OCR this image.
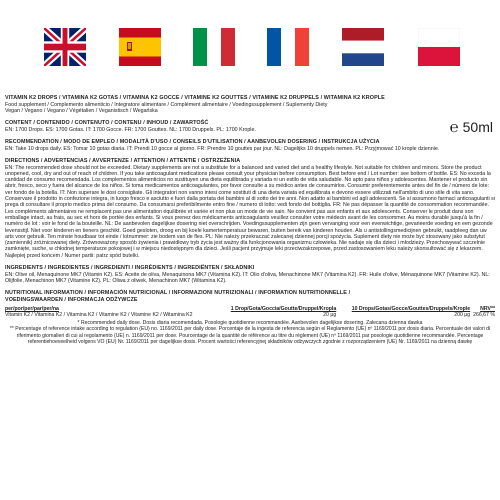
VITAMIN K2 DROPS / VITAMINA K2 GOTAS / VITAMINA K2 GOCCE / VITAMINE K2 GOUTTES / VITAMINE K2 DRUPPELS / WITAMINA K2 KROPLE
Food supplement / Complemento alimenticio / Integratore alimentare / Complément alimentaire / Voedingssupplement / Suplementy Diety
Vegan / Vegano / Vegano / Végétalien / Veganistisch / Wegańska
CONTENT / CONTENIDO / CONTENUTO / CONTENU / INHOUD / ZAWARTOŚĆ
EN: 1700 Drops. ES: 1700 Gotas. IT: 1700 Gocce. FR: 1700 Gouttes. NL: 1700 Druppels. PL: 1700 Krople.	℮ 50ml
RECOMMENDATION / MODO DE EMPLEO / MODALITÀ D'USO / CONSEILS D'UTILISATION / AANBEVOLEN DOSERING / INSTRUKCJA UŻYCIA
EN: Take 10 drops daily. ES: Tomar 10 gotas diaria. IT: Prendi 10 gocce al giorno. FR: Prendre 10 gouttes par jour. NL: Dagelijks 10 druppels nemen. PL: Przyjmować 10 krople dziennie.
DIRECTIONS / ADVERTENCIAS / AVVERTENZE / ATTENTION / ATTENTIE / OSTRZEŻENIA
EN: The recommended dose should not be exceeded. Dietary supplements are not a substitute for a balanced and varied diet and a healthy lifestyle. Not suitable for children and minors. Store the product unopened, cool, dry and out of reach of children. If you take anticoagulant medications please consult your physician before consumption. Best before end / Lot number: see bottom of bottle. ES: No exceda la cantidad de consumo recomendada. Los complementos alimenticios no sustituyen una dieta equilibrada y variada ni un estilo de vida saludable. No apto para niños y adolescentes. Mantener el producto sin abrir, fresco, seco y fuera del alcance de los niños. Si toma medicamentos anticoagulantes, por favor consulte a su médico antes de consumirlos. Consumir preferentemente antes del fin de / número de lote: ver fondo de la botella. IT: Non superare le dosi consigliate. Gli integratori non vanno intesi come sostituti di una dieta variata ed equilibrata e devono essere utilizzati nell'ambito di uno stile di vita sano. Conservare il prodotto in confezione integra, in luogo fresco e asciutto e fuori dalla portata dei bambini al di sotto dei tre anni. Non adatto ai bambini ed agli adolescenti. Se si assumono farmaci anticoagulanti si prega di consultare il proprio medico prima del consumo. Da consumarsi preferibilmente entro fine / numero di lotto: vedi fondo del bottiglia. FR: Ne pas dépasser la quantité de consommation recommandée. Les compléments alimentaires ne remplacent pas une alimentation équilibrée et variée et non plus un mode de vie sain. Ne convient pas aux enfants et aux adolescents. Conserver le produit dans son emballage intact, au frais, au sec et hors de portée des enfants. Si vous prenez des médicaments anticoagulants veuillez consulter votre médecin avant de les consommer. Au moins durable jusqu'à la fin / numéro de lot : voir le fond de la bouteille. NL: De aanbevolen dagelijkse dosering niet overschrijden. Voedingssupplementen zijn geen vervanging voor een evenwichtige, gevarieerde voeding en een gezonde levensstijl. Niet voor kinderen en tieners geschikt. Goed gesloten, droog en bij koele kamertemperatuur bewaren, buiten bereik van kinderen houden. Als u antistollingsmedicijnen gebruikt, raadpleeg dan uw arts voor gebruik. Ten minste houdbaar tot einde / lotnummer: zie bodem van de fles. PL: Nie należy przekraczać zalecanej dziennej porcji spożycia. Suplement diety nie może być stosowany jako substytut (zamiennik) zróżnicowanej diety. Zrównoważony sposób żywienia i prawidłowy tryb życia jest ważny dla funkcjonowania organizmu człowieka. Nie nadaje się dla dzieci i młodzieży. Przechowywać szczelnie zamknięte, suche, w chłodnej temperaturze pokojowej i w miejscu niedostępnym dla dzieci. Jeśli pacjent przyjmuje leki przeciwzakrzepowe, przed zastosowaniem leku należy skonsultować się z lekarzem. Najlepiej przed końcem / Numer partii: patrz spód butelki.
INGREDIENTS / INGREDIENTES / INGREDIENTI / INGRÉDIENTS / INGREDIËNTEN / SKŁADNIKI
EN: Olive oil, Menaquinone MK7 (Vitamin K2). ES: Aceite de oliva, Menaquinona MK7 (Vitamina K2). IT: Olio d'oliva, Menachinone MK7 (Vitamina K2). FR: Huile d'olive, Ménaquinone MK7 (Vitamine K2). NL: Olijfolie, Menachinon MK7 (Vitamine K2). PL: Oliwa z oliwek, Menachinon MK7 (Witamina K2).
NUTRITIONAL INFORMATION / INFORMACIÓN NUTRICIONAL / INFORMAZIONI NUTRIZIONALI / INFORMATION NUTRITIONNELLE /
VOEDINGSWAARDEN / INFORMACJA ODŻYWCZE
per/por/per/par/per/na	1 Drop/Gota/Goccia/Goutte/Druppel/Kropla	10 Drops/Gotas/Gocce/Gouttes/Druppels/Krople	NRV**
Vitamin K2 / Vitamina K2 / Vitamina K2 / Vitamine K2 / Vitamine K2 / Witamina K2	20 µg	200 µg	266,67 %
* Recommended daily dose. Dosis diaria recomendada. Posologie quotidienne recommandée. Aanbevolen dagelijkse dosering. Zalecana dzienna dawka
** Percentage of reference intake according to regulation (EU) no. 1169/2011 per daily dose. Porcentaje de la ingesta de referencia según el Reglamento (UE) nº 1169/2011 por dosis diaria. Percentuale dei valori di riferimento giornalieri di cui al regolamento (UE) n. 1169/2011 per dose. Pourcentage de la quantité de référence au titre du règlement (UE) nº 1169/2011 par posologie quotidienne recommandée. Percentage referentiehoeveelheid volgens VO (EU) Nr. 1169/2011 per dagelijkse dosis. Procent wartości referencyjnej składników odżywczych zgodnie z rozporządzeniem (UE) Nr. 1169/2011 na dzienną dawkę
